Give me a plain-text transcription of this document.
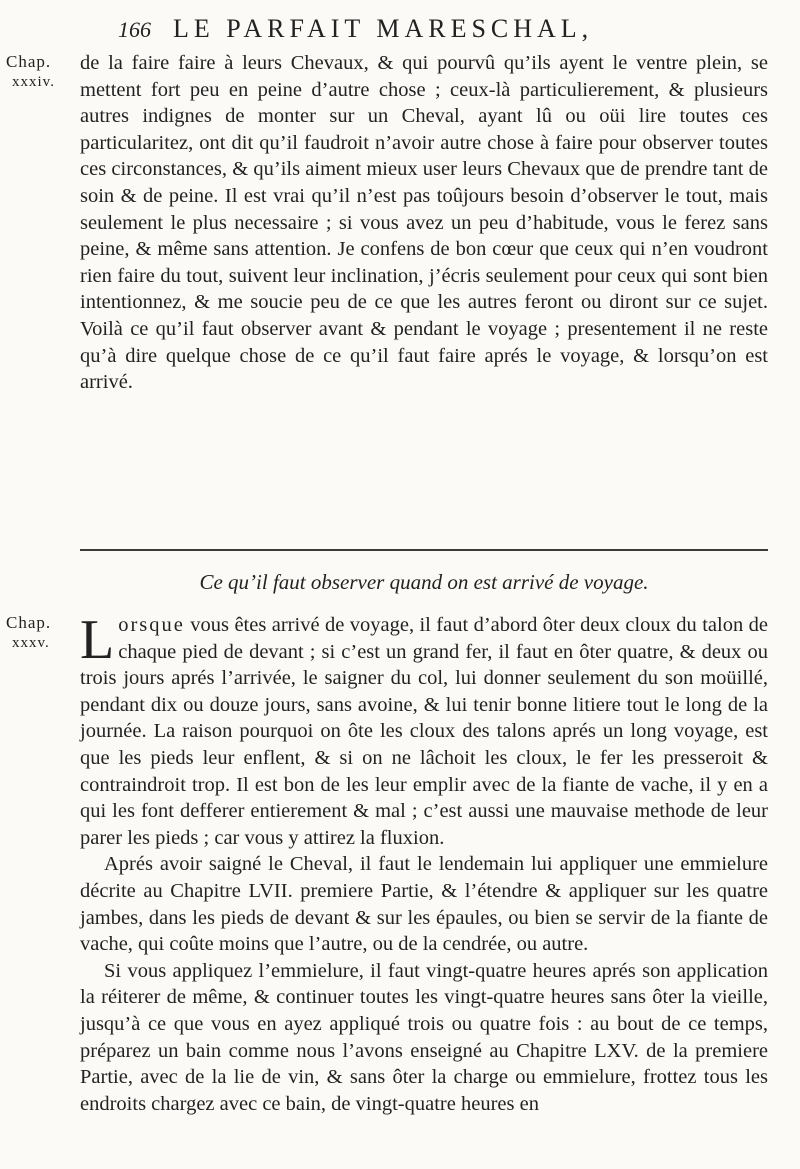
166 LE PARFAIT MARESCHAL,
Chap.
xxxiv.

de la faire faire à leurs Chevaux, & qui pourvû qu’ils ayent le ventre plein, se mettent fort peu en peine d’autre chose ; ceux-là particulierement, & plusieurs autres indignes de monter sur un Cheval, ayant lû ou oüi lire toutes ces particularitez, ont dit qu’il faudroit n’avoir autre chose à faire pour observer toutes ces circonstances, & qu’ils aiment mieux user leurs Chevaux que de prendre tant de soin & de peine. Il est vrai qu’il n’est pas toûjours besoin d’observer le tout, mais seulement le plus necessaire ; si vous avez un peu d’habitude, vous le ferez sans peine, & même sans attention. Je confens de bon cœur que ceux qui n’en voudront rien faire du tout, suivent leur inclination, j’écris seulement pour ceux qui sont bien intentionnez, & me soucie peu de ce que les autres feront ou diront sur ce sujet. Voilà ce qu’il faut observer avant & pendant le voyage ; presentement il ne reste qu’à dire quelque chose de ce qu’il faut faire aprés le voyage, & lorsqu’on est arrivé.

Ce qu’il faut observer quand on est arrivé de voyage.
Chap.
xxxv. Lorsque vous êtes arrivé de voyage, il faut d’abord ôter deux cloux du talon de chaque pied de devant ; si c’est un grand fer, il faut en ôter quatre, & deux ou trois jours aprés l’arrivée, le saigner du col, lui donner seulement du son moüillé, pendant dix ou douze jours, sans avoine, & lui tenir bonne litiere tout le long de la journée. La raison pourquoi on ôte les cloux des talons aprés un long voyage, est que les pieds leur enflent, & si on ne lâchoit les cloux, le fer les presseroit & contraindroit trop. Il est bon de les leur emplir avec de la fiante de vache, il y en a qui les font defferer entierement & mal ; c’est aussi une mauvaise methode de leur parer les pieds ; car vous y attirez la fluxion.

Aprés avoir saigné le Cheval, il faut le lendemain lui appliquer une emmielure décrite au Chapitre LVII. premiere Partie, & l’étendre & appliquer sur les quatre jambes, dans les pieds de devant & sur les épaules, ou bien se servir de la fiante de vache, qui coûte moins que l’autre, ou de la cendrée, ou autre.

Si vous appliquez l’emmielure, il faut vingt-quatre heures aprés son application la réiterer de même, & continuer toutes les vingt-quatre heures sans ôter la vieille, jusqu’à ce que vous en ayez appliqué trois ou quatre fois : au bout de ce temps, préparez un bain comme nous l’avons enseigné au Chapitre LXV. de la premiere Partie, avec de la lie de vin, & sans ôter la charge ou emmielure, frottez tous les endroits chargez avec ce bain, de vingt-quatre heures en
